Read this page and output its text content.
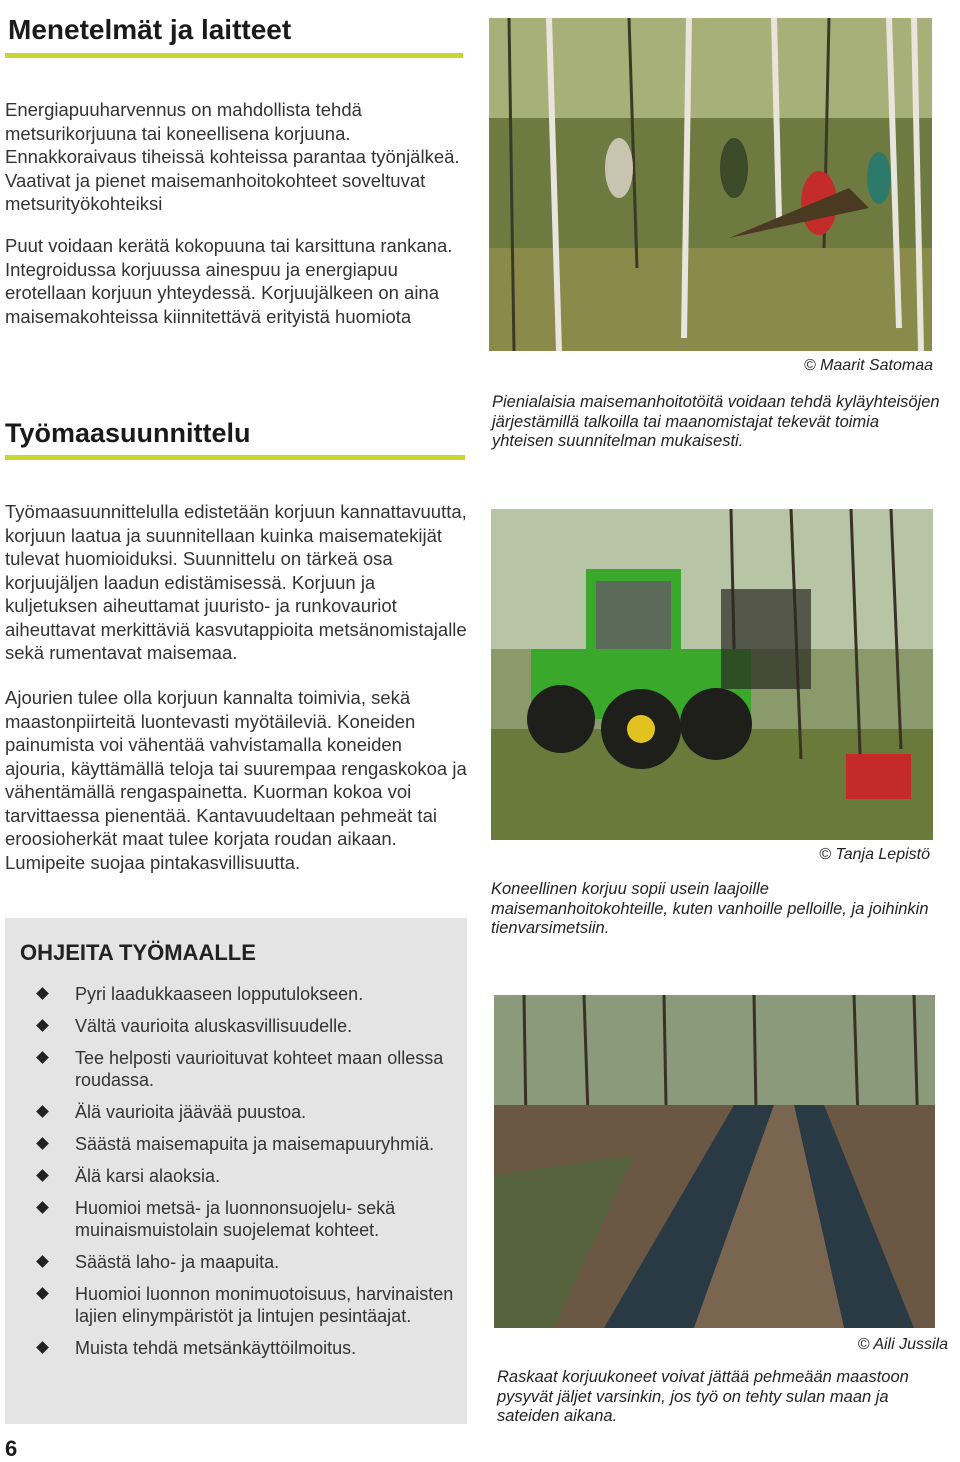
Menetelmät ja laitteet

Energiapuuharvennus on mahdollista tehdä metsurikorjuuna tai koneellisena korjuuna. Ennakkoraivaus tiheissä kohteissa parantaa työnjälkeä. Vaativat ja pienet maisemanhoitokohteet soveltuvat metsurityökohteiksi

Puut voidaan kerätä kokopuuna tai karsittuna rankana. Integroidussa korjuussa ainespuu ja energiapuu erotellaan korjuun yhteydessä. Korjuujälkeen on aina maisemakohteissa kiinnitettävä erityistä huomiota

Työmaasuunnittelu

Työmaasuunnittelulla edistetään korjuun kannattavuutta, korjuun laatua ja suunnitellaan kuinka maisematekijät tulevat huomioiduksi. Suunnittelu on tärkeä osa korjuujäljen laadun edistämisessä. Korjuun ja kuljetuksen aiheuttamat juuristo- ja runkovauriot aiheuttavat merkittäviä kasvutappioita metsänomistajalle sekä rumentavat maisemaa.

Ajourien tulee olla korjuun kannalta toimivia, sekä maastonpiirteitä luontevasti myötäileviä. Koneiden painumista voi vähentää vahvistamalla koneiden ajouria, käyttämällä teloja tai suurempaa rengaskokoa ja vähentämällä rengaspainetta. Kuorman kokoa voi tarvittaessa pienentää. Kantavuudeltaan pehmeät tai eroosioherkät maat tulee korjata roudan aikaan. Lumipeite suojaa pintakasvillisuutta.

OHJEITA TYÖMAALLE
Pyri laadukkaaseen lopputulokseen.
Vältä vaurioita aluskasvillisuudelle.
Tee helposti vaurioituvat kohteet maan ollessa roudassa.
Älä vaurioita jäävää puustoa.
Säästä maisemapuita ja maisemapuuryhmiä.
Älä karsi alaoksia.
Huomioi metsä- ja luonnonsuojelu- sekä muinaismuistolain suojelemat kohteet.
Säästä laho- ja maapuita.
Huomioi luonnon monimuotoisuus, harvinaisten lajien elinympäristöt ja lintujen pesintäajat.
Muista tehdä metsänkäyttöilmoitus.
6
© Maarit Satomaa

Pienialaisia maisemanhoitotöitä voidaan tehdä kyläyhteisöjen järjestämillä talkoilla tai maanomistajat tekevät toimia yhteisen suunnitelman mukaisesti.

© Tanja Lepistö

Koneellinen korjuu sopii usein laajoille maisemanhoitokohteille, kuten vanhoille pelloille, ja joihinkin tienvarsimetsiin.

© Aili Jussila

Raskaat korjuukoneet voivat jättää pehmeään maastoon pysyvät jäljet varsinkin, jos työ on tehty sulan maan ja sateiden aikana.
